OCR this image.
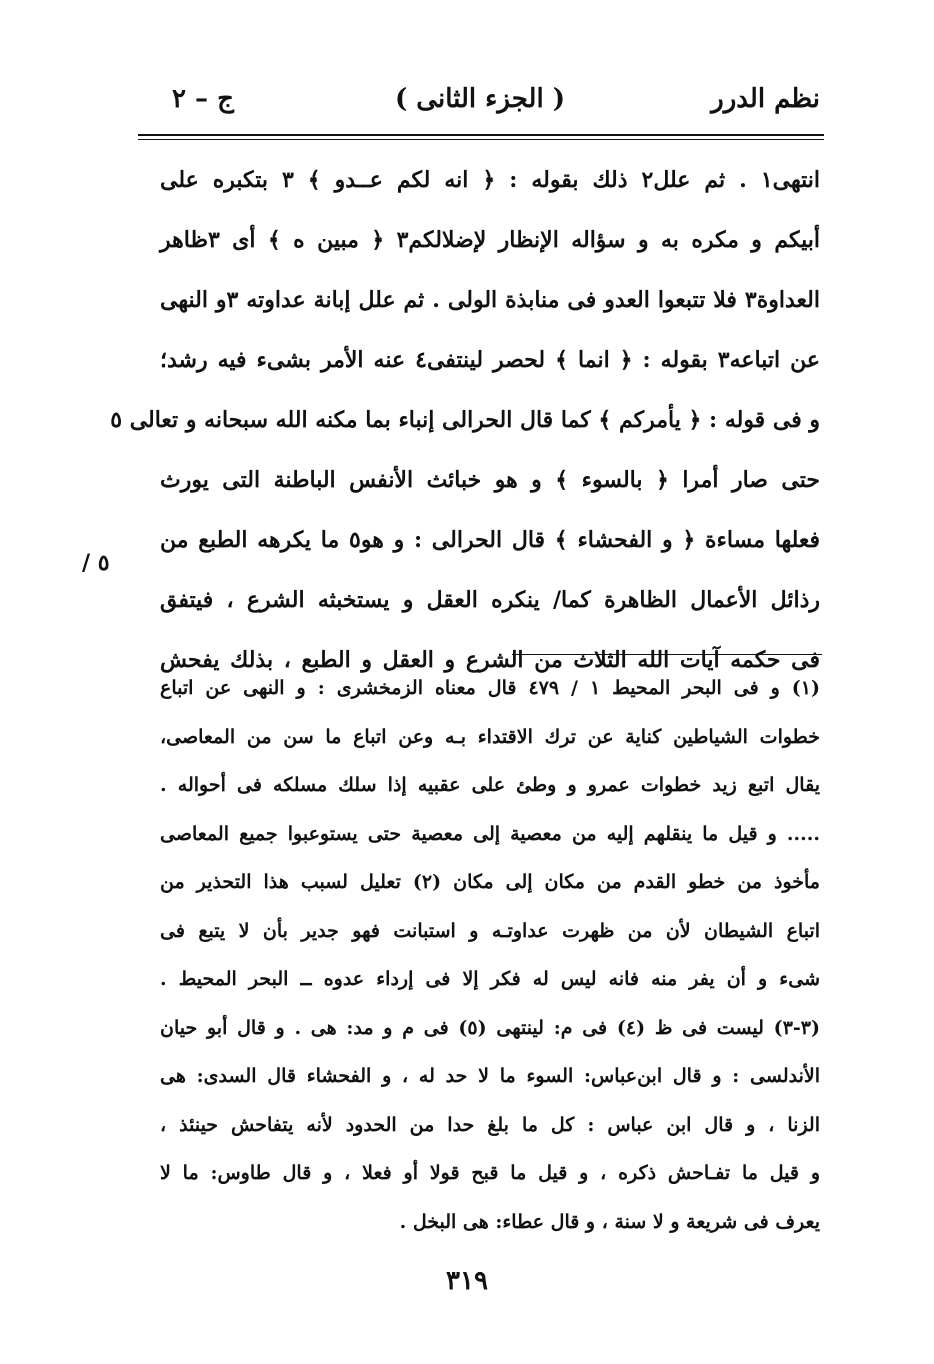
نظم الدرر
( الجزء الثانى )
ج – ٢
انتهى١ . ثم علل٢ ذلك بقوله : ﴿ انه لكم عــدو ﴾ ٣ بتكبره على
أبيكم و مكره به و سؤاله الإنظار لإضلالكم٣ ﴿ مبين ه ﴾ أى ٣ظاهر
العداوة٣ فلا تتبعوا العدو فى منابذة الولى . ثم علل إبانة عداوته ٣و النهى
عن اتباعه٣ بقوله : ﴿ انما ﴾ لحصر لينتفى٤ عنه الأمر بشىء فيه رشد؛
و فى قوله : ﴿ يأمركم ﴾ كما قال الحرالى إنباء بما مكنه الله سبحانه و تعالى ٥
حتى صار أمرا ﴿ بالسوء ﴾ و هو خبائث الأنفس الباطنة التى يورث
فعلها مساءة ﴿ و الفحشاء ﴾ قال الحرالى : و هو٥ ما يكرهه الطبع من
رذائل الأعمال الظاهرة كما/ ينكره العقل و يستخبثه الشرع ، فيتفق
فى حكمه آيات الله الثلاث من الشرع و العقل و الطبع ، بذلك يفحش
/ ٥
(١) و فى البحر المحيط ١ / ٤٧٩ قال معناه الزمخشرى : و النهى عن اتباع
خطوات الشياطين كناية عن ترك الاقتداء بـه وعن اتباع ما سن من المعاصى،
يقال اتبع زيد خطوات عمرو و وطئ على عقبيه إذا سلك مسلكه فى أحواله .
..... و قيل ما ينقلهم إليه من معصية إلى معصية حتى يستوعبوا جميع المعاصى
مأخوذ من خطو القدم من مكان إلى مكان (٢) تعليل لسبب هذا التحذير من
اتباع الشيطان لأن من ظهرت عداوتـه و استبانت فهو جدير بأن لا يتبع فى
شىء و أن يفر منه فانه ليس له فكر إلا فى إرداء عدوه ــ البحر المحيط .
(٣-٣) ليست فى ظ (٤) فى م: لينتهى (٥) فى م و مد: هى . و قال أبو حيان
الأندلسى : و قال ابن‌عباس: السوء ما لا حد له ، و الفحشاء قال السدى: هى
الزنا ، و قال ابن عباس : كل ما بلغ حدا من الحدود لأنه يتفاحش حينئذ ،
و قيل ما تفـاحش ذكره ، و قيل ما قبح قولا أو فعلا ، و قال طاوس: ما لا
يعرف فى شريعة و لا سنة ، و قال عطاء: هى البخل .
٣١٩
